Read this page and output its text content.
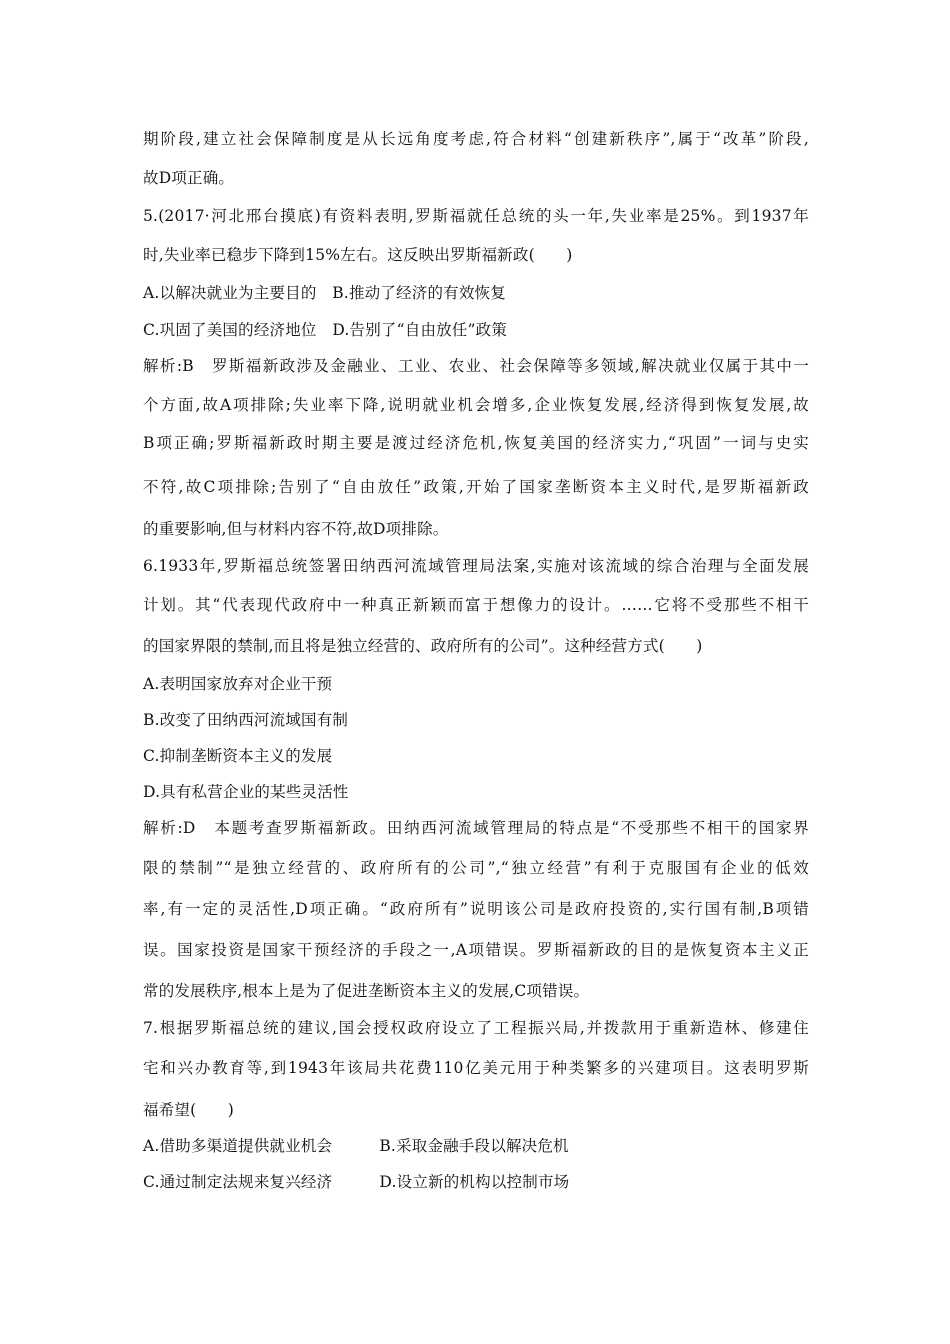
期阶段,建立社会保障制度是从长远角度考虑,符合材料“创建新秩序”,属于“改革”阶段,
故D项正确。
5.(2017·河北邢台摸底)有资料表明,罗斯福就任总统的头一年,失业率是25%。到1937年
时,失业率已稳步下降到15%左右。这反映出罗斯福新政(　　)
A.以解决就业为主要目的　B.推动了经济的有效恢复
C.巩固了美国的经济地位　D.告别了“自由放任”政策
解析:B　罗斯福新政涉及金融业、工业、农业、社会保障等多领域,解决就业仅属于其中一
个方面,故A项排除;失业率下降,说明就业机会增多,企业恢复发展,经济得到恢复发展,故
B项正确;罗斯福新政时期主要是渡过经济危机,恢复美国的经济实力,“巩固”一词与史实
不符,故C项排除;告别了“自由放任”政策,开始了国家垄断资本主义时代,是罗斯福新政
的重要影响,但与材料内容不符,故D项排除。
6.1933年,罗斯福总统签署田纳西河流域管理局法案,实施对该流域的综合治理与全面发展
计划。其“代表现代政府中一种真正新颖而富于想像力的设计。……它将不受那些不相干
的国家界限的禁制,而且将是独立经营的、政府所有的公司”。这种经营方式(　　)
A.表明国家放弃对企业干预
B.改变了田纳西河流域国有制
C.抑制垄断资本主义的发展
D.具有私营企业的某些灵活性
解析:D　本题考查罗斯福新政。田纳西河流域管理局的特点是“不受那些不相干的国家界
限的禁制”“是独立经营的、政府所有的公司”,“独立经营”有利于克服国有企业的低效
率,有一定的灵活性,D项正确。“政府所有”说明该公司是政府投资的,实行国有制,B项错
误。国家投资是国家干预经济的手段之一,A项错误。罗斯福新政的目的是恢复资本主义正
常的发展秩序,根本上是为了促进垄断资本主义的发展,C项错误。
7.根据罗斯福总统的建议,国会授权政府设立了工程振兴局,并拨款用于重新造林、修建住
宅和兴办教育等,到1943年该局共花费110亿美元用于种类繁多的兴建项目。这表明罗斯
福希望(　　)
A.借助多渠道提供就业机会　　　B.采取金融手段以解决危机
C.通过制定法规来复兴经济　　　D.设立新的机构以控制市场
